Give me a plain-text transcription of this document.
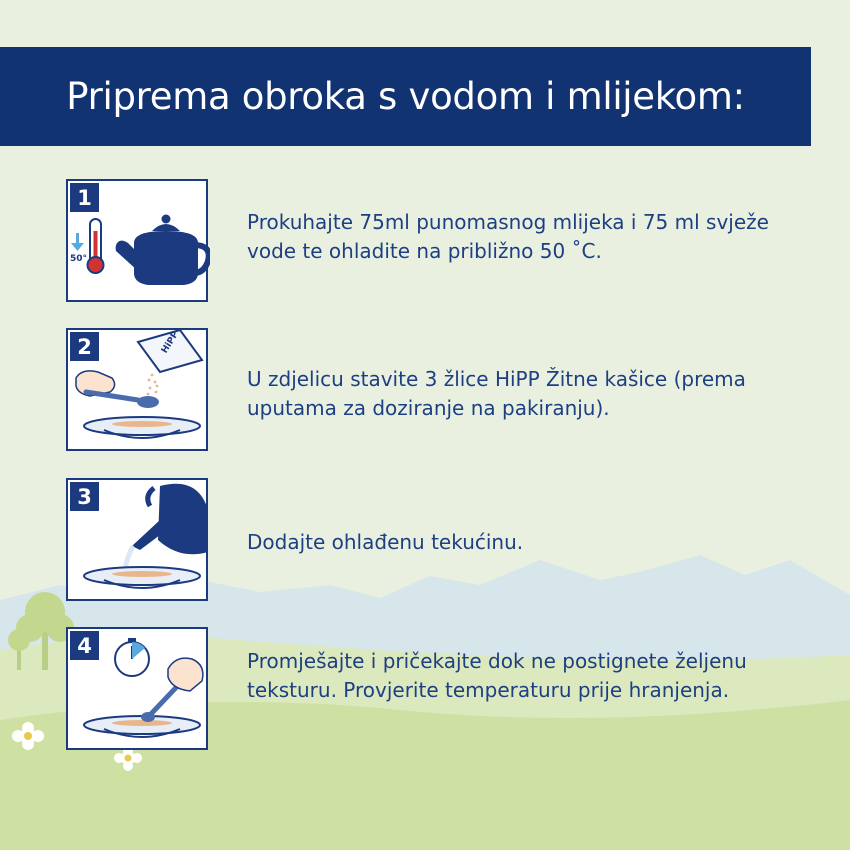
Priprema obroka s vodom i mlijekom:
1
50°

Prokuhajte 75ml punomasnog mlijeka i 75 ml svježe vode te ohladite na približno 50 ˚C.

2	HiPP

U zdjelicu stavite 3 žlice HiPP Žitne kašice (prema uputama za doziranje na pakiranju).

3

Dodajte ohlađenu tekućinu.

4

Promješajte i pričekajte dok ne postignete željenu teksturu. Provjerite temperaturu prije hranjenja.
